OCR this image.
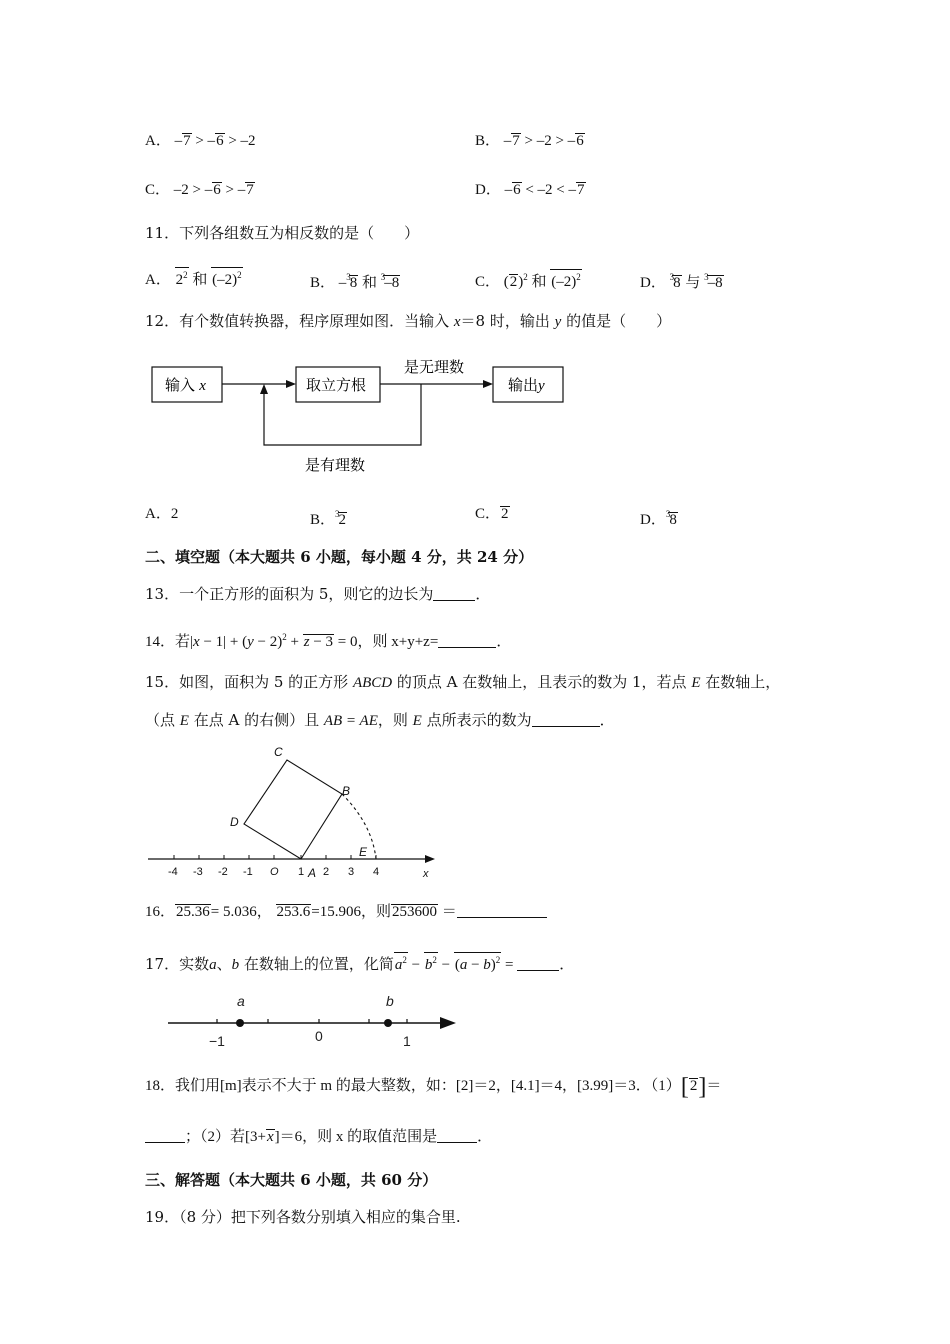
A． –7 > –6 > –2	B． –7 > –2 > –6
C． –2 > –6 > –7	D． –6 < –2 < –7
11．下列各组数互为相反数的是（　　）
A． $2^2$ 和 $(-2)^2$	B． –$^3$8 和 $^3$–8	C． $(2)^2$ 和 $(-2)^2$	D． $^3$8 与 $^3$–8
12．有个数值转换器，程序原理如图．当输入 x＝8 时，输出 y 的值是（　　）
输入 x	取立方根
是无理数
输出y
是有理数
A．2	B．$^3$2	C．2	D．$^3$8
二、填空题（本大题共 6 小题，每小题 4 分，共 24 分）
13．一个正方形的面积为 5，则它的边长为	．
14．若$|x - 1| + (y - 2)^2 + z - 3 = 0$，则 x+y+z=	．
15．如图，面积为 5 的正方形 ABCD 的顶点 A 在数轴上，且表示的数为 1，若点 E 在数轴上，
（点 E 在点 A 的右侧）且 AB = AE，则 E 点所表示的数为	．
-4 -3 -2 -1 O 1 2 3 4	x
C
B
D
E
A
16．25.36= 5.036， 253.6=15.906，则253600 ＝
17．实数a、b 在数轴上的位置，化简$a^2 - b^2 - (a - b)^2$ =	．
a	b
−1	0	1
18．我们用[m]表示不大于 m 的最大整数，如：[2]＝2，[4.1]＝4，[3.99]＝3．（1）[2]＝
；（2）若[3+x]＝6，则 x 的取值范围是	．
三、解答题（本大题共 6 小题，共 60 分）
19．（8 分）把下列各数分别填入相应的集合里.
